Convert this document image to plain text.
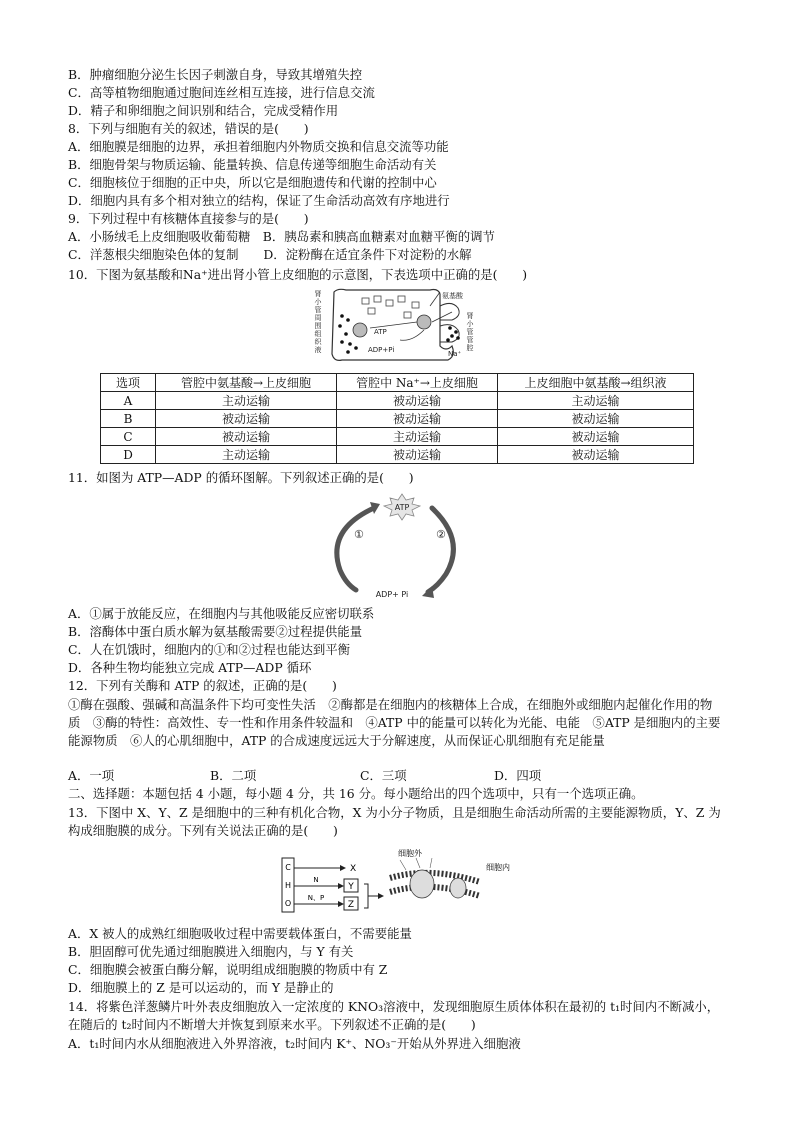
B．肿瘤细胞分泌生长因子刺激自身，导致其增殖失控
C．高等植物细胞通过胞间连丝相互连接，进行信息交流
D．精子和卵细胞之间识别和结合，完成受精作用
8．下列与细胞有关的叙述，错误的是(　　)
A．细胞膜是细胞的边界，承担着细胞内外物质交换和信息交流等功能
B．细胞骨架与物质运输、能量转换、信息传递等细胞生命活动有关
C．细胞核位于细胞的正中央，所以它是细胞遗传和代谢的控制中心
D．细胞内具有多个相对独立的结构，保证了生命活动高效有序地进行
9．下列过程中有核糖体直接参与的是(　　)
A．小肠绒毛上皮细胞吸收葡萄糖　B．胰岛素和胰高血糖素对血糖平衡的调节
C．洋葱根尖细胞染色体的复制　　D．淀粉酶在适宜条件下对淀粉的水解
10．下图为氨基酸和Na⁺进出肾小管上皮细胞的示意图，下表选项中正确的是(　　)
肾
小
管
周
围
组
织
液
肾
小
管
管
腔
氨基酸
ATP
ADP+Pi	Na⁺
选项	管腔中氨基酸→上皮细胞	管腔中 Na⁺→上皮细胞	上皮细胞中氨基酸→组织液
A	主动运输	被动运输	主动运输
B	被动运输	被动运输	被动运输
C	被动运输	主动运输	被动运输
D	主动运输	被动运输	被动运输
11．如图为 ATP—ADP 的循环图解。下列叙述正确的是(　　)
ATP
①	②
ADP+ Pi
A．①属于放能反应，在细胞内与其他吸能反应密切联系
B．溶酶体中蛋白质水解为氨基酸需要②过程提供能量
C．人在饥饿时，细胞内的①和②过程也能达到平衡
D．各种生物均能独立完成 ATP—ADP 循环
12．下列有关酶和 ATP 的叙述，正确的是(　　)
①酶在强酸、强碱和高温条件下均可变性失活　②酶都是在细胞内的核糖体上合成，在细胞外或细胞内起催化作用的物质　③酶的特性：高效性、专一性和作用条件较温和　④ATP 中的能量可以转化为光能、电能　⑤ATP 是细胞内的主要能源物质　⑥人的心肌细胞中，ATP 的合成速度远远大于分解速度，从而保证心肌细胞有充足能量
A．一项	B．二项	C．三项	D．四项
二、选择题：本题包括 4 小题，每小题 4 分，共 16 分。每小题给出的四个选项中，只有一个选项正确。
13．下图中 X、Y、Z 是细胞中的三种有机化合物，X 为小分子物质，且是细胞生命活动所需的主要能源物质，Y、Z 为构成细胞膜的成分。下列有关说法正确的是(　　)
C
H
O
X
N
N、P
Y
Z
细胞外
细胞内
A．X 被人的成熟红细胞吸收过程中需要载体蛋白，不需要能量
B．胆固醇可优先通过细胞膜进入细胞内，与 Y 有关
C．细胞膜会被蛋白酶分解，说明组成细胞膜的物质中有 Z
D．细胞膜上的 Z 是可以运动的，而 Y 是静止的
14．将紫色洋葱鳞片叶外表皮细胞放入一定浓度的 KNO₃溶液中，发现细胞原生质体体积在最初的 t₁时间内不断减小，在随后的 t₂时间内不断增大并恢复到原来水平。下列叙述不正确的是(　　)
A．t₁时间内水从细胞液进入外界溶液，t₂时间内 K⁺、NO₃⁻开始从外界进入细胞液
